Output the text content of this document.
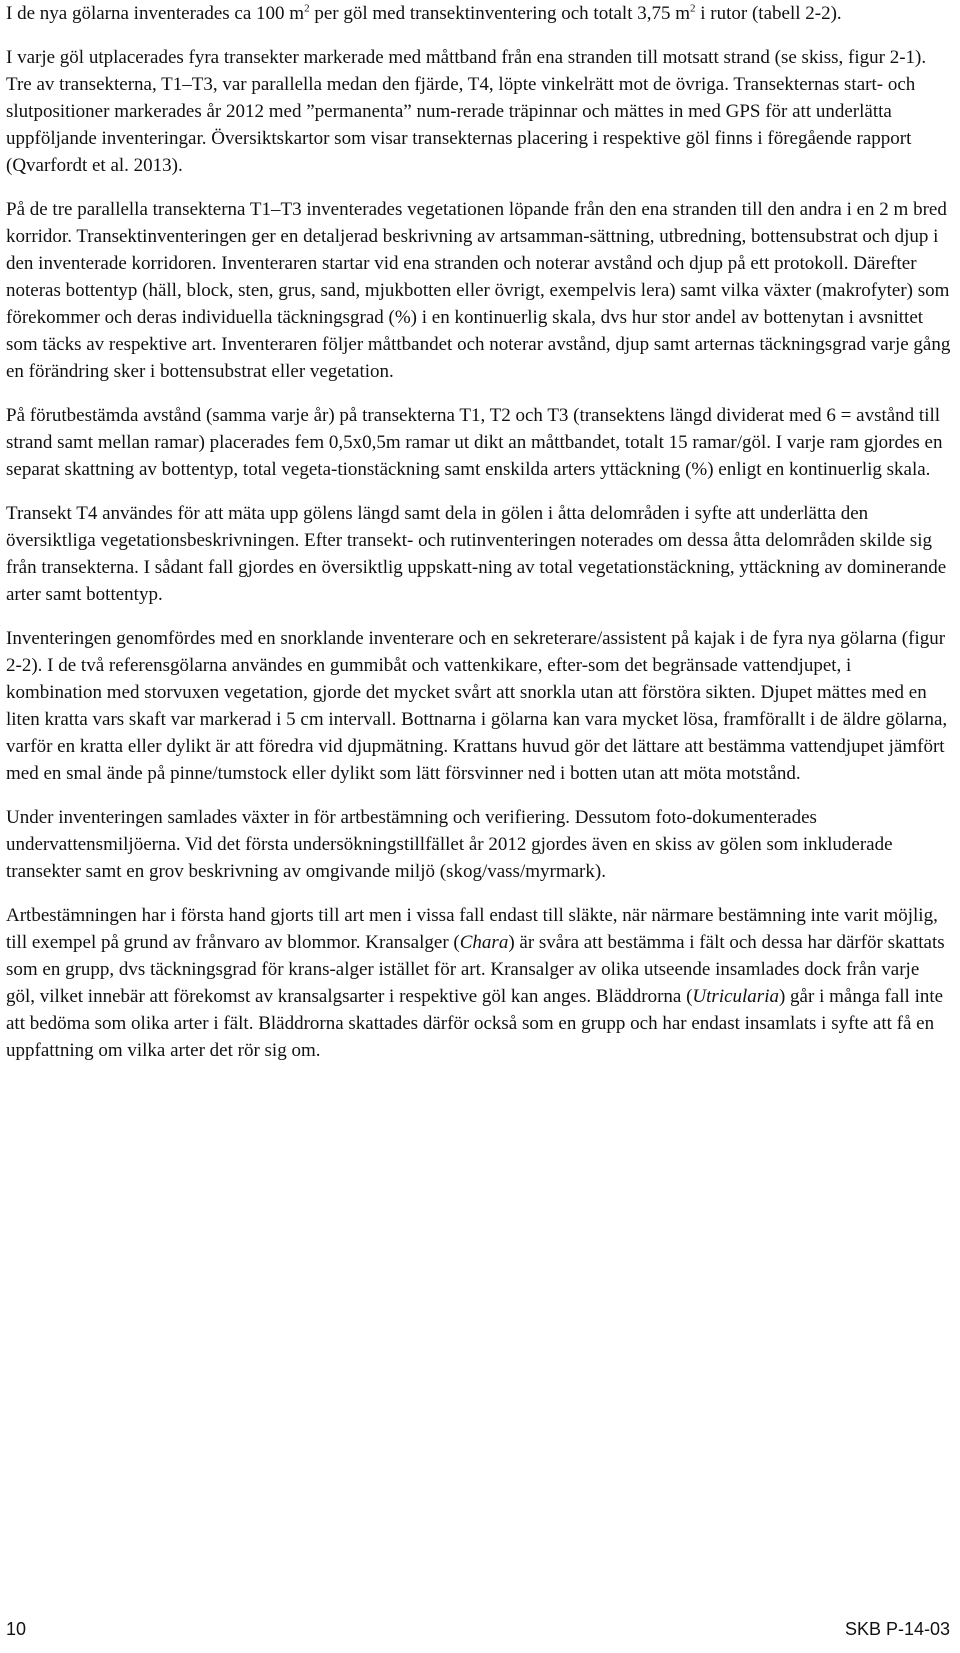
I de nya gölarna inventerades ca 100 $m^2$ per göl med transektinventering och totalt 3,75 $m^2$ i rutor (tabell 2-2).

I varje göl utplacerades fyra transekter markerade med måttband från ena stranden till motsatt strand (se skiss, figur 2-1). Tre av transekterna, T1–T3, var parallella medan den fjärde, T4, löpte vinkelrätt mot de övriga. Transekternas start- och slutpositioner markerades år 2012 med ”permanenta” num-rerade träpinnar och mättes in med GPS för att underlätta uppföljande inventeringar. Översiktskartor som visar transekternas placering i respektive göl finns i föregående rapport (Qvarfordt et al. 2013).

På de tre parallella transekterna T1–T3 inventerades vegetationen löpande från den ena stranden till den andra i en 2 m bred korridor. Transektinventeringen ger en detaljerad beskrivning av artsamman-sättning, utbredning, bottensubstrat och djup i den inventerade korridoren. Inventeraren startar vid ena stranden och noterar avstånd och djup på ett protokoll. Därefter noteras bottentyp (häll, block, sten, grus, sand, mjukbotten eller övrigt, exempelvis lera) samt vilka växter (makrofyter) som förekommer och deras individuella täckningsgrad (%) i en kontinuerlig skala, dvs hur stor andel av bottenytan i avsnittet som täcks av respektive art. Inventeraren följer måttbandet och noterar avstånd, djup samt arternas täckningsgrad varje gång en förändring sker i bottensubstrat eller vegetation.

På förutbestämda avstånd (samma varje år) på transekterna T1, T2 och T3 (transektens längd dividerat med 6 = avstånd till strand samt mellan ramar) placerades fem 0,5x0,5m ramar ut dikt an måttbandet, totalt 15 ramar/göl. I varje ram gjordes en separat skattning av bottentyp, total vegeta-tionstäckning samt enskilda arters yttäckning (%) enligt en kontinuerlig skala.

Transekt T4 användes för att mäta upp gölens längd samt dela in gölen i åtta delområden i syfte att underlätta den översiktliga vegetationsbeskrivningen. Efter transekt- och rutinventeringen noterades om dessa åtta delområden skilde sig från transekterna. I sådant fall gjordes en översiktlig uppskatt-ning av total vegetationstäckning, yttäckning av dominerande arter samt bottentyp.

Inventeringen genomfördes med en snorklande inventerare och en sekreterare/assistent på kajak i de fyra nya gölarna (figur 2-2). I de två referensgölarna användes en gummibåt och vattenkikare, efter-som det begränsade vattendjupet, i kombination med storvuxen vegetation, gjorde det mycket svårt att snorkla utan att förstöra sikten. Djupet mättes med en liten kratta vars skaft var markerad i 5 cm intervall. Bottnarna i gölarna kan vara mycket lösa, framförallt i de äldre gölarna, varför en kratta eller dylikt är att föredra vid djupmätning. Krattans huvud gör det lättare att bestämma vattendjupet jämfört med en smal ände på pinne/tumstock eller dylikt som lätt försvinner ned i botten utan att möta motstånd.

Under inventeringen samlades växter in för artbestämning och verifiering. Dessutom foto-dokumenterades undervattensmiljöerna. Vid det första undersökningstillfället år 2012 gjordes även en skiss av gölen som inkluderade transekter samt en grov beskrivning av omgivande miljö (skog/vass/myrmark).

Artbestämningen har i första hand gjorts till art men i vissa fall endast till släkte, när närmare bestämning inte varit möjlig, till exempel på grund av frånvaro av blommor. Kransalger (Chara) är svåra att bestämma i fält och dessa har därför skattats som en grupp, dvs täckningsgrad för krans-alger istället för art. Kransalger av olika utseende insamlades dock från varje göl, vilket innebär att förekomst av kransalgsarter i respektive göl kan anges. Bläddrorna (Utricularia) går i många fall inte att bedöma som olika arter i fält. Bläddrorna skattades därför också som en grupp och har endast insamlats i syfte att få en uppfattning om vilka arter det rör sig om.

10	SKB P-14-03
